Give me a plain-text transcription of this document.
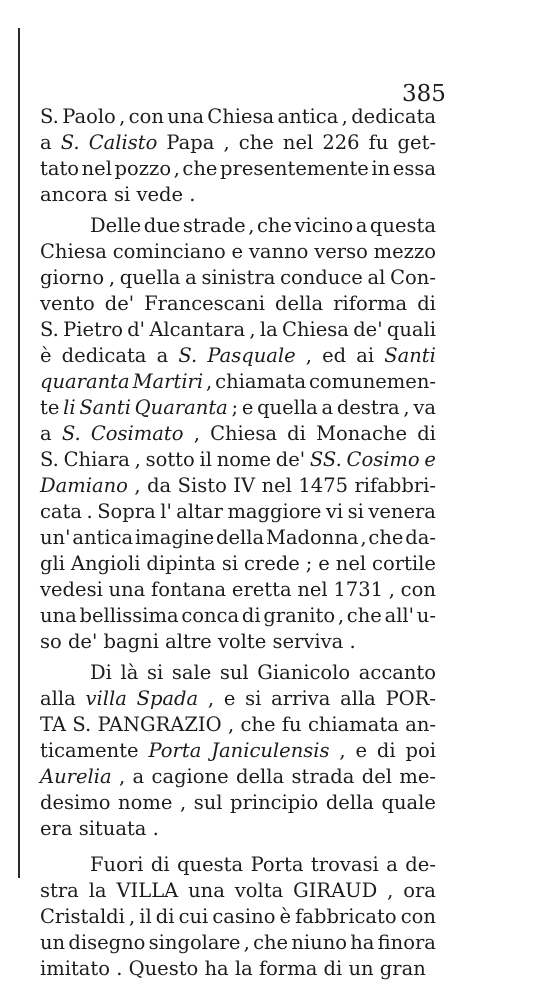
385
S. Paolo , con una Chiesa antica , dedicata
a S. Calisto Papa , che nel 226 fu get-
tato nel pozzo , che presentemente in essa
ancora si vede .
Delle due strade , che vicino a questa
Chiesa cominciano e vanno verso mezzo
giorno , quella a sinistra conduce al Con-
vento de' Francescani della riforma di
S. Pietro d' Alcantara , la Chiesa de' quali
è dedicata a S. Pasquale , ed ai Santi
quaranta Martiri , chiamata comunemen-
te li Santi Quaranta ; e quella a destra , va
a S. Cosimato , Chiesa di Monache di
S. Chiara , sotto il nome de' SS. Cosimo e
Damiano , da Sisto IV nel 1475 rifabbri-
cata . Sopra l' altar maggiore vi si venera
un' antica imagine della Madonna , che da-
gli Angioli dipinta si crede ; e nel cortile
vedesi una fontana eretta nel 1731 , con
una bellissima conca di granito , che all' u-
so de' bagni altre volte serviva .
Di là si sale sul Gianicolo accanto
alla villa Spada , e si arriva alla POR-
TA S. PANGRAZIO , che fu chiamata an-
ticamente Porta Janiculensis , e di poi
Aurelia , a cagione della strada del me-
desimo nome , sul principio della quale
era situata .
Fuori di questa Porta trovasi a de-
stra la VILLA una volta GIRAUD , ora
Cristaldi , il di cui casino è fabbricato con
un disegno singolare , che niuno ha finora
imitato . Questo ha la forma di un gran
